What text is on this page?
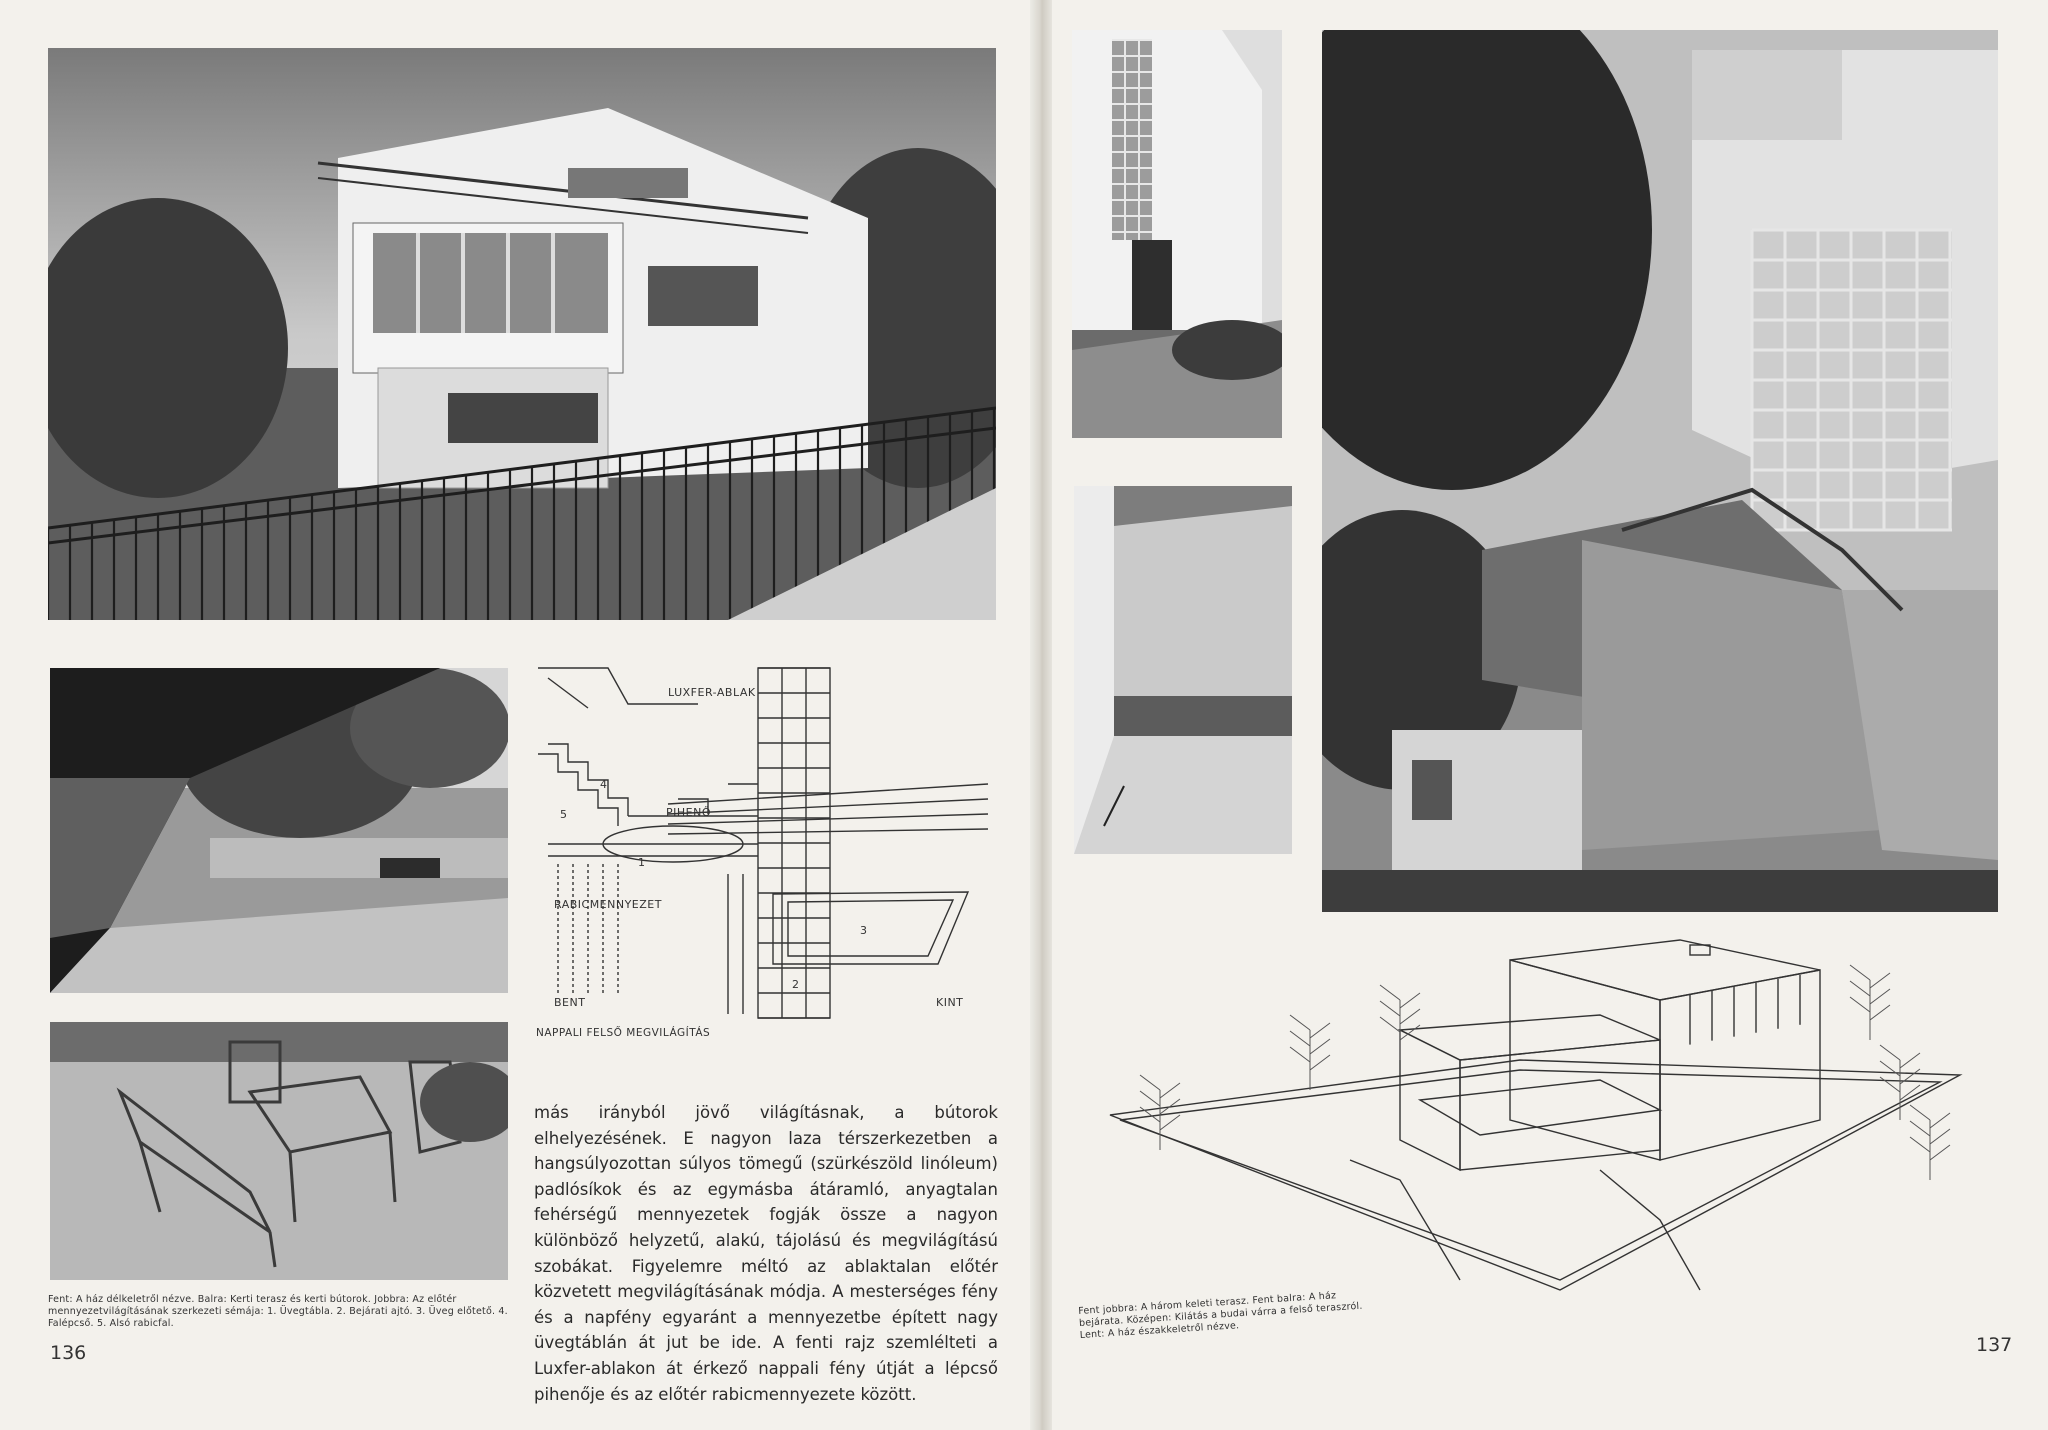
LUXFER-ABLAK
PIHENŐ
RABICMENNYEZET
BENT	KINT
1
2
3
4
5
NAPPALI FELSŐ MEGVILÁGÍTÁS
Fent: A ház délkeletről nézve. Balra: Kerti terasz és kerti bútorok. Jobbra: Az előtér mennyezetvilágításának szerkezeti sémája: 1. Üvegtábla. 2. Bejárati ajtó. 3. Üveg előtető. 4. Falépcső. 5. Alsó rabicfal.
136

más irányból jövő világításnak, a bútorok elhelyezésének. E nagyon laza térszerkezetben a hangsúlyozottan súlyos tömegű (szürkészöld linóleum) padlósíkok és az egymásba átáramló, anyagtalan fehérségű mennyezetek fogják össze a nagyon különböző helyzetű, alakú, tájolású és megvilágítású szobákat. Figyelemre méltó az ablaktalan előtér közvetett megvilágításának módja. A mesterséges fény és a napfény egyaránt a mennyezetbe épített nagy üvegtáblán át jut be ide. A fenti rajz szemlélteti a Luxfer-ablakon át érkező nappali fény útját a lépcső pihenője és az előtér rabicmennyezete között.

Fent jobbra: A három keleti terasz. Fent balra: A ház bejárata. Középen: Kilátás a budai várra a felső teraszról. Lent: A ház északkeletről nézve.
137
